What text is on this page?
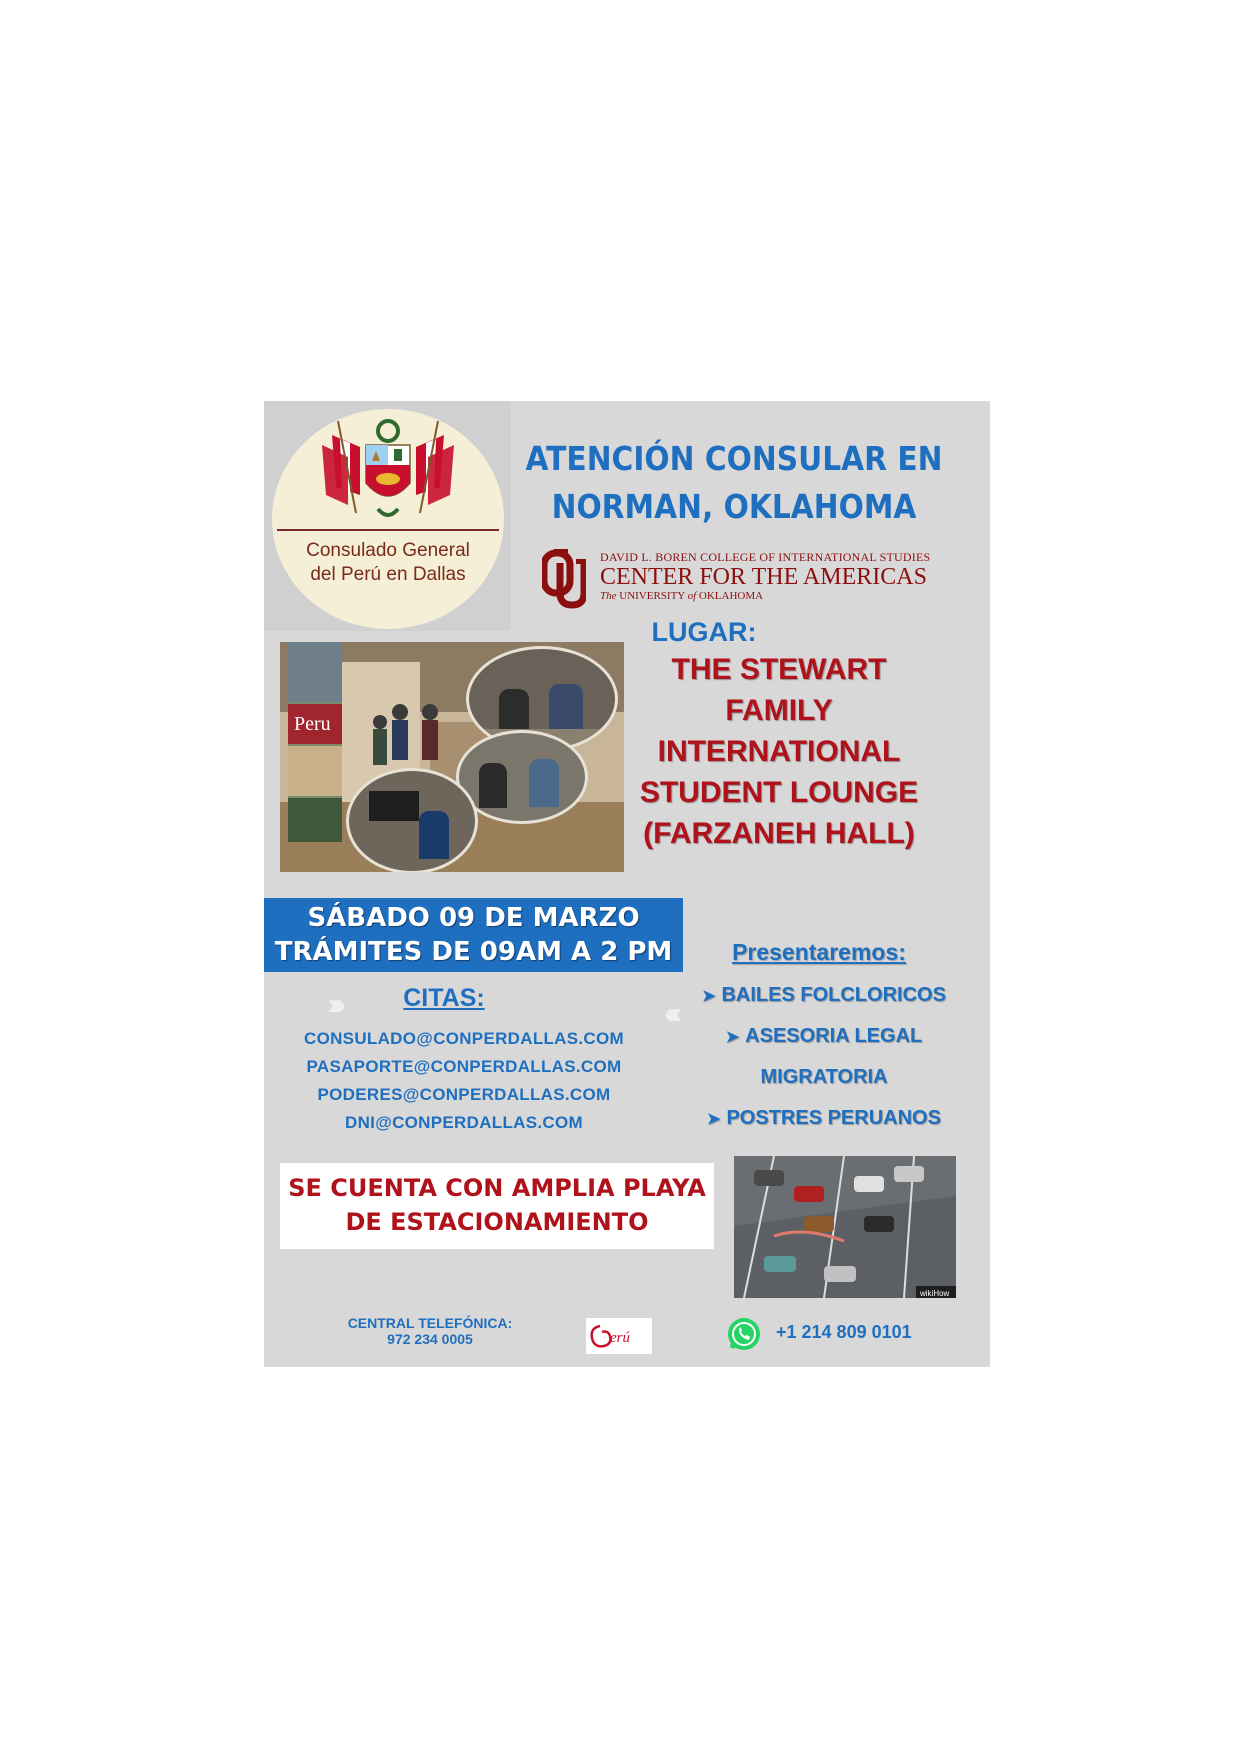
Consulado General
del Perú en Dallas
ATENCIÓN CONSULAR EN
NORMAN, OKLAHOMA
DAVID L. BOREN COLLEGE OF INTERNATIONAL STUDIES
CENTER FOR THE AMERICAS
The UNIVERSITY of OKLAHOMA
Peru
LUGAR:
THE STEWART
FAMILY
INTERNATIONAL
STUDENT LOUNGE
(FARZANEH HALL)
SÁBADO 09 DE MARZO
TRÁMITES DE 09AM A 2 PM	Presentaremos:
➤ BAILES FOLCLORICOS
➤ ASESORIA LEGAL
MIGRATORIA
➤ POSTRES PERUANOS
›››	‹‹‹
CITAS:
CONSULADO@CONPERDALLAS.COM
PASAPORTE@CONPERDALLAS.COM
PODERES@CONPERDALLAS.COM
DNI@CONPERDALLAS.COM
SE CUENTA CON AMPLIA PLAYA
DE ESTACIONAMIENTO
wikiHow
CENTRAL TELEFÓNICA:
972 234 0005	erú	+1 214 809 0101
